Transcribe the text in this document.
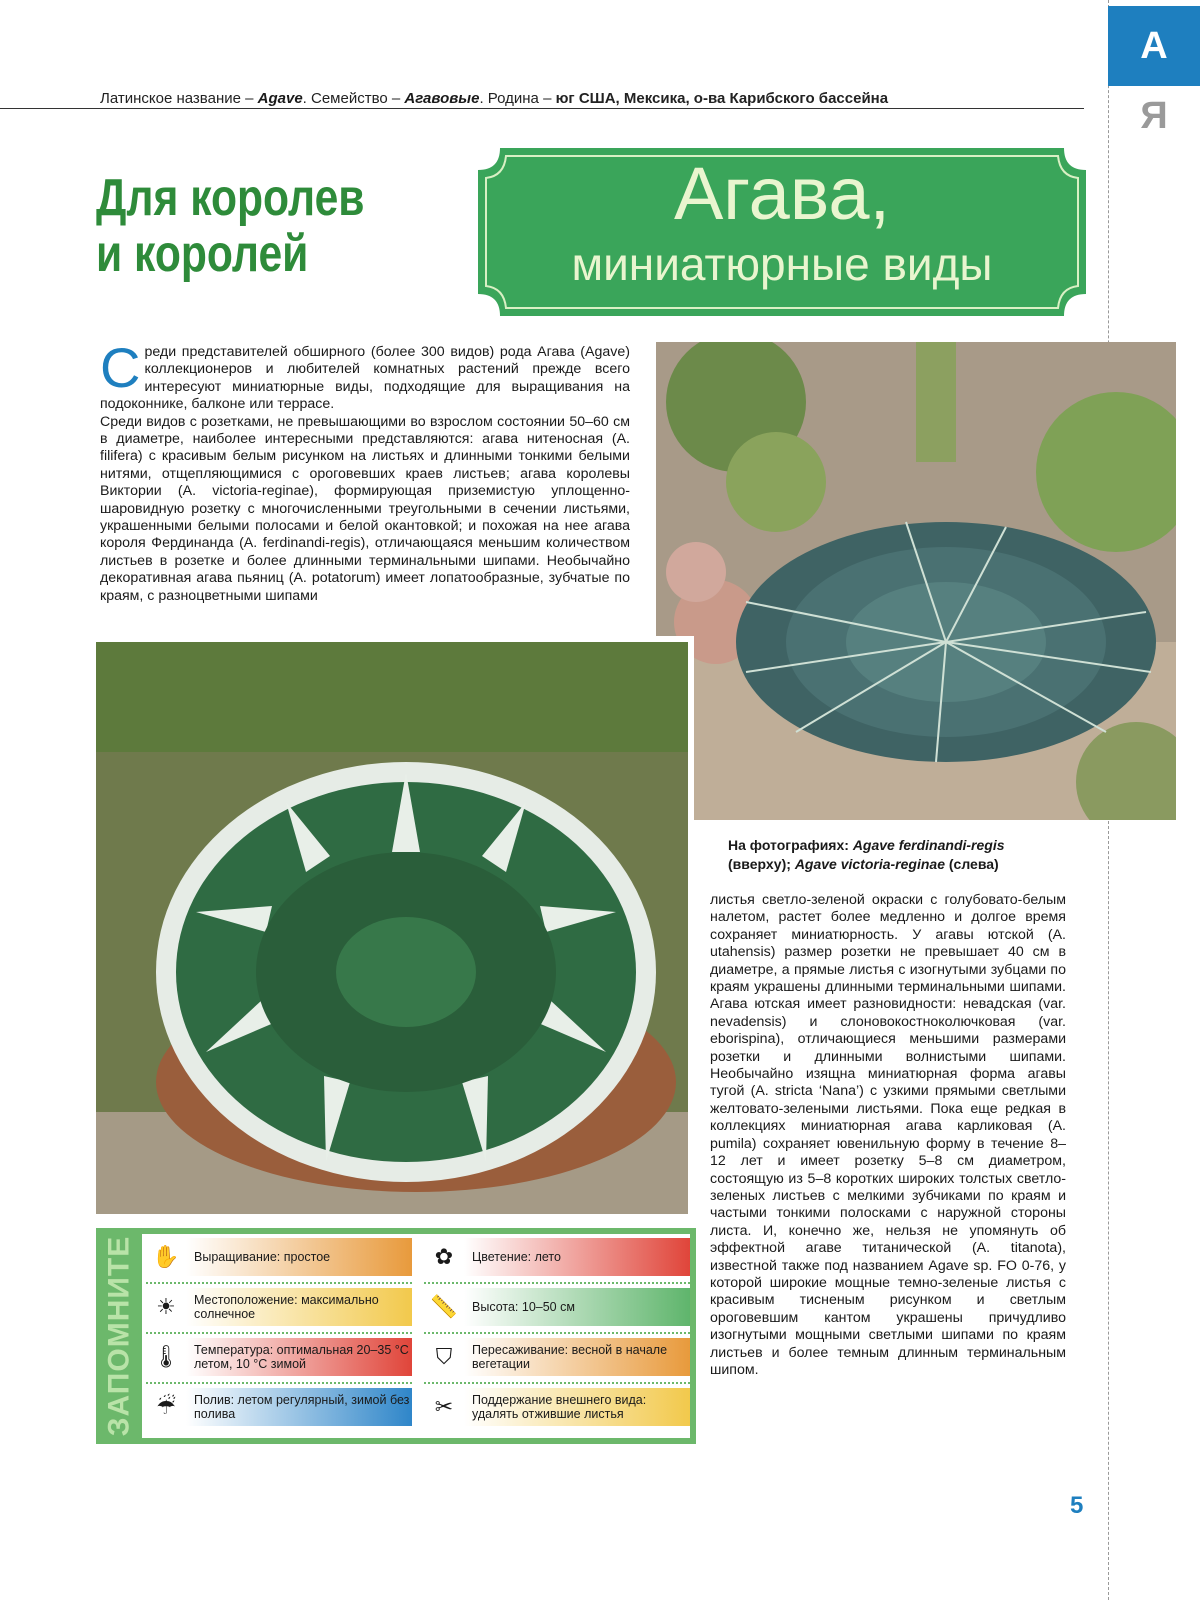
Латинское название – Agave. Семейство – Агавовые. Родина – юг США, Мексика, о-ва Карибского бассейна
А
Я
Для королев
и королей
Агава,
миниатюрные виды

Среди представителей обширного (более 300 видов) рода Агава (Agave) коллекционеров и любителей комнатных растений прежде всего интересуют миниатюрные виды, подходящие для выращивания на подоконнике, балконе или террасе.

Среди видов с розетками, не превышающими во взрослом состоянии 50–60 см в диаметре, наиболее интересными представляются: агава нитеносная (A. filifera) с красивым белым рисунком на листьях и длинными тонкими белыми нитями, отщепляющимися с ороговевших краев листьев; агава королевы Виктории (A. victoria-reginae), формирующая приземистую уплощенно-шаровидную розетку с многочисленными треугольными в сечении листьями, украшенными белыми полосами и белой окантовкой; и похожая на нее агава короля Фердинанда (A. ferdinandi-regis), отличающаяся меньшим количеством листьев в розетке и более длинными терминальными шипами. Необычайно декоративная агава пьяниц (A. potatorum) имеет лопатообразные, зубчатые по краям, с разноцветными шипами

На фотографиях: Agave ferdinandi-regis (вверху); Agave victoria-reginae (слева)

листья светло-зеленой окраски с голубовато-белым налетом, растет более медленно и долгое время сохраняет миниатюрность. У агавы ютской (A. utahensis) размер розетки не превышает 40 см в диаметре, а прямые листья с изогнутыми зубцами по краям украшены длинными терминальными шипами. Агава ютская имеет разновидности: невадская (var. nevadensis) и слоновокостноколючковая (var. eborispina), отличающиеся меньшими размерами розетки и длинными волнистыми шипами. Необычайно изящна миниатюрная форма агавы тугой (A. stricta ‘Nana’) с узкими прямыми светлыми желтовато-зелеными листьями. Пока еще редкая в коллекциях миниатюрная агава карликовая (A. pumila) сохраняет ювенильную форму в течение 8–12 лет и имеет розетку 5–8 см диаметром, состоящую из 5–8 коротких широких толстых светло-зеленых листьев с мелкими зубчиками по краям и частыми тонкими полосками с наружной стороны листа. И, конечно же, нельзя не упомянуть об эффектной агаве титанической (A. titanota), известной также под названием Agave sp. FO 0-76, у которой широкие мощные темно-зеленые листья с красивым тисненым рисунком и светлым ороговевшим кантом украшены причудливо изогнутыми мощными светлыми шипами по краям листьев и более темным длинным терминальным шипом.

ЗАПОМНИТЕ ✋	Выращивание: простое	✿	Цветение: лето
☀	Местоположение: максимально солнечное	📏	Высота: 10–50 см
🌡	Температура: оптимальная 20–35 °С летом, 10 °С зимой	⛉	Пересаживание: весной в начале вегетации
☔	Полив: летом регулярный, зимой без полива	✂	Поддержание внешнего вида: удалять отжившие листья
5
